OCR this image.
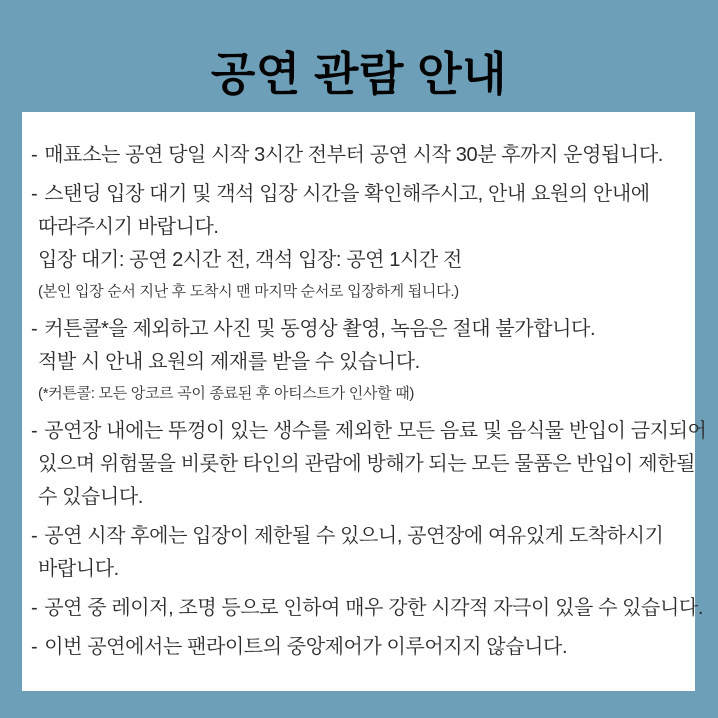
공연 관람 안내

- 매표소는 공연 당일 시작 3시간 전부터 공연 시작 30분 후까지 운영됩니다.

- 스탠딩 입장 대기 및 객석 입장 시간을 확인해주시고, 안내 요원의 안내에

따라주시기 바랍니다.

입장 대기: 공연 2시간 전, 객석 입장: 공연 1시간 전

(본인 입장 순서 지난 후 도착시 맨 마지막 순서로 입장하게 됩니다.)

- 커튼콜*을 제외하고 사진 및 동영상 촬영, 녹음은 절대 불가합니다.

적발 시 안내 요원의 제재를 받을 수 있습니다.

(*커튼콜: 모든 앙코르 곡이 종료된 후 아티스트가 인사할 때)

- 공연장 내에는 뚜껑이 있는 생수를 제외한 모든 음료 및 음식물 반입이 금지되어

있으며 위험물을 비롯한 타인의 관람에 방해가 되는 모든 물품은 반입이 제한될

수 있습니다.

- 공연 시작 후에는 입장이 제한될 수 있으니, 공연장에 여유있게 도착하시기

바랍니다.

- 공연 중 레이저, 조명 등으로 인하여 매우 강한 시각적 자극이 있을 수 있습니다.

- 이번 공연에서는 팬라이트의 중앙제어가 이루어지지 않습니다.
